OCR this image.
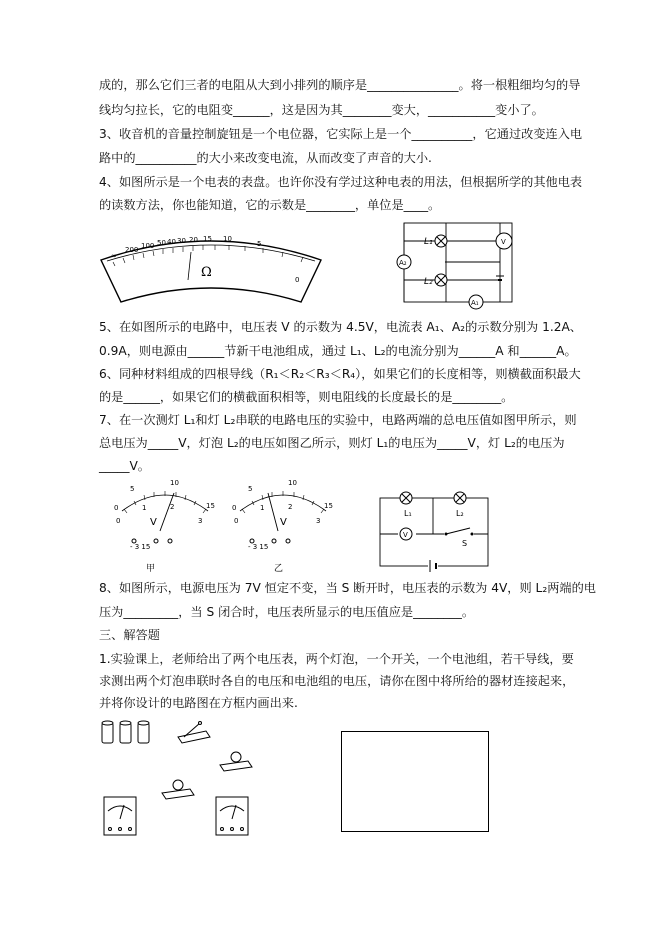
成的，那么它们三者的电阻从大到小排列的顺序是_______________。将一根粗细均匀的导
线均匀拉长，它的电阻变______，这是因为其________变大，___________变小了。
3、收音机的音量控制旋钮是一个电位器，它实际上是一个__________，它通过改变连入电
路中的__________的大小来改变电流，从而改变了声音的大小.
4、如图所示是一个电表的表盘。也许你没有学过这种电表的用法，但根据所学的其他电表
的读数方法，你也能知道，它的示数是________，单位是____。
∞
200 100 50 40 30 20 15 10
5
0
Ω
V
A₂
A₁
L₁
L₂
5、在如图所示的电路中，电压表 V 的示数为 4.5V，电流表 A₁、A₂的示数分别为 1.2A、
0.9A，则电源由______节新干电池组成，通过 L₁、L₂的电流分别为______A 和______A。
6、同种材料组成的四根导线（R₁＜R₂＜R₃＜R₄），如果它们的长度相等，则横截面积最大
的是______，如果它们的横截面积相等，则电阻线的长度最长的是________。
7、在一次测灯 L₁和灯 L₂串联的电路电压的实验中，电路两端的总电压值如图甲所示，则
总电压为_____V，灯泡 L₂的电压如图乙所示，则灯 L₁的电压为_____V，灯 L₂的电压为
_____V。
5
10
0	15
0
1	2
3
V
- 3 15
甲
5
10
0	15
0
1	2
3
V
- 3 15
乙
L₁	L₂
V
S
8、如图所示，电源电压为 7V 恒定不变，当 S 断开时，电压表的示数为 4V，则 L₂两端的电
压为_________，当 S 闭合时，电压表所显示的电压值应是________。
三、解答题
1.实验课上，老师给出了两个电压表，两个灯泡，一个开关，一个电池组，若干导线，要
求测出两个灯泡串联时各自的电压和电池组的电压，请你在图中将所给的器材连接起来，
并将你设计的电路图在方框内画出来.
